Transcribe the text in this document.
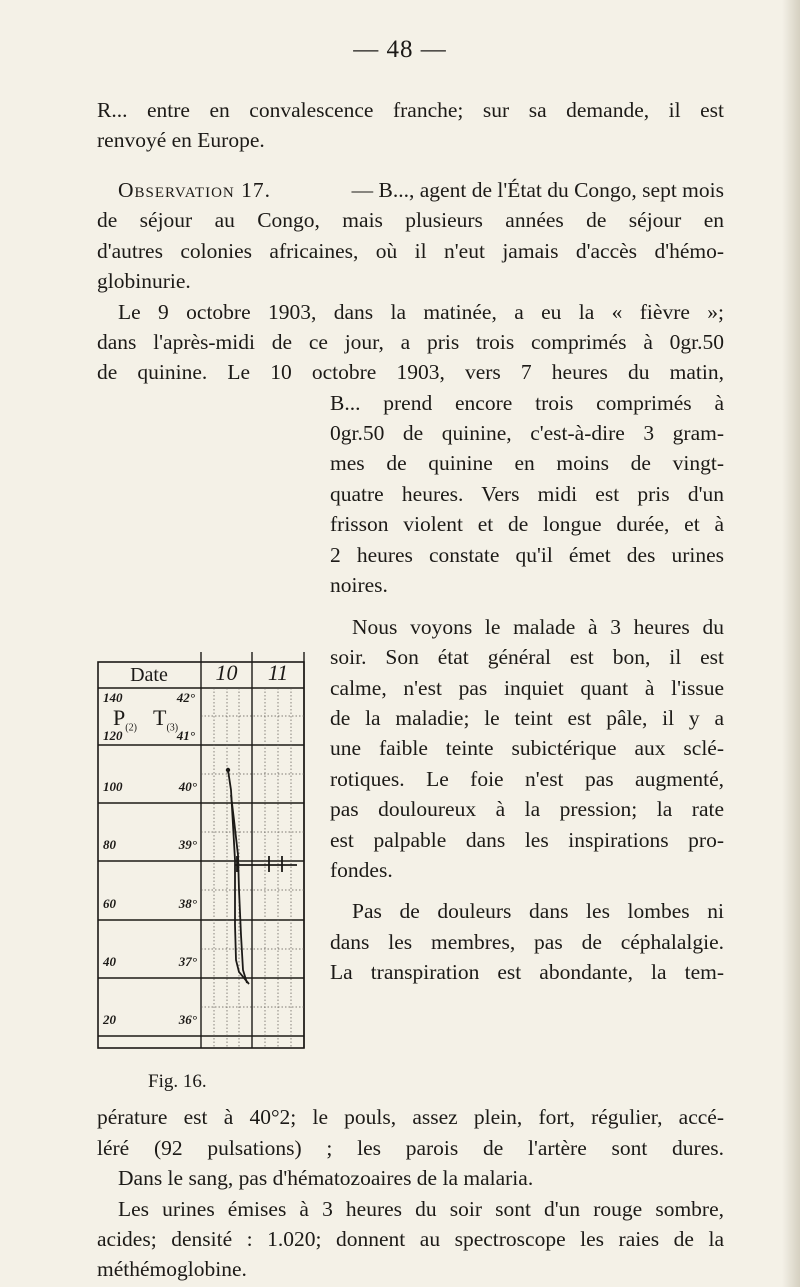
— 48 —
R... entre en convalescence franche; sur sa demande, il est
renvoyé en Europe.
Observation 17.	— B..., agent de l'État du Congo, sept mois
de séjour au Congo, mais plusieurs années de séjour en
d'autres colonies africaines, où il n'eut jamais d'accès d'hémo-
globinurie.
Le 9 octobre 1903, dans la matinée, a eu la « fièvre »;
dans l'après-midi de ce jour, a pris trois comprimés à 0gr.50
de quinine. Le 10 octobre 1903, vers 7 heures du matin,
B... prend encore trois comprimés à
0gr.50 de quinine, c'est-à-dire 3 gram-
mes de quinine en moins de vingt-
quatre heures. Vers midi est pris d'un
frisson violent et de longue durée, et à
2 heures constate qu'il émet des urines
noires.
Nous voyons le malade à 3 heures du
soir. Son état général est bon, il est
calme, n'est pas inquiet quant à l'issue
de la maladie; le teint est pâle, il y a
une faible teinte subictérique aux sclé-
rotiques. Le foie n'est pas augmenté,
pas douloureux à la pression; la rate
est palpable dans les inspirations pro-
fondes.
Pas de douleurs dans les lombes ni
dans les membres, pas de céphalalgie.
La transpiration est abondante, la tem-
pérature est à 40°2; le pouls, assez plein, fort, régulier, accé-
léré (92 pulsations) ; les parois de l'artère sont dures.
Dans le sang, pas d'hématozoaires de la malaria.
Les urines émises à 3 heures du soir sont d'un rouge sombre,
acides; densité : 1.020; donnent au spectroscope les raies de la
méthémoglobine.
Date	10	11
140	42°
$P_{(2)}$ $T_{(3)}$
120	41°
100	40°
80	39°
60	38°
40	37°
20	36°
Fig. 16.
